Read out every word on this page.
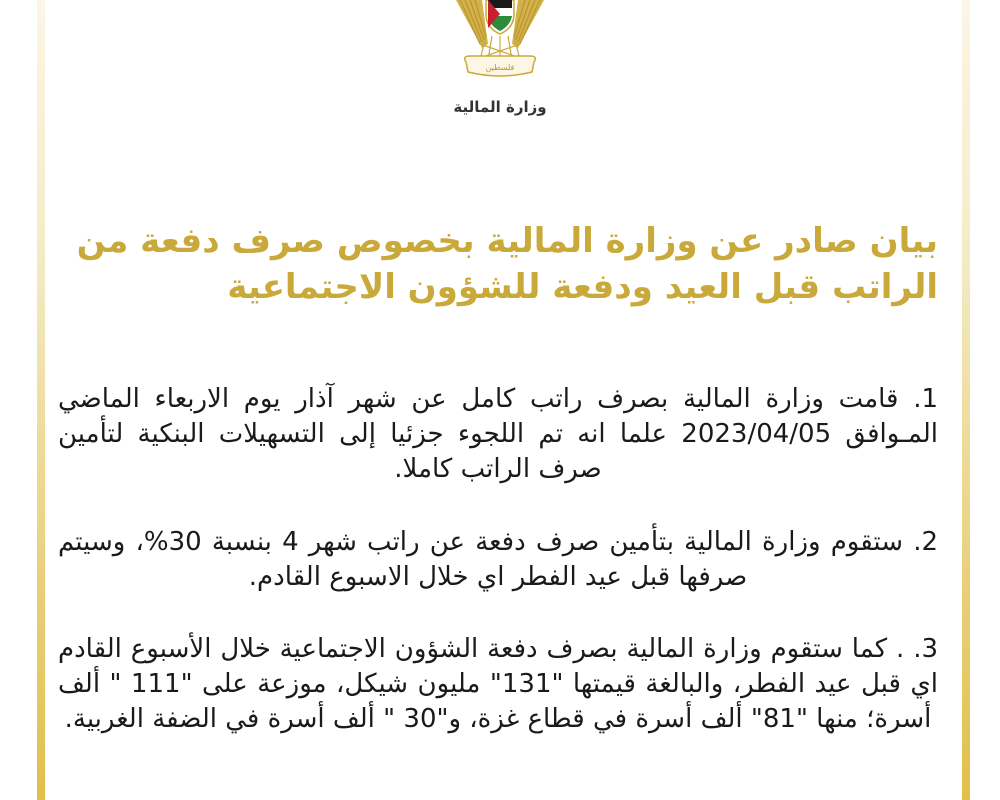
فلسطين
وزارة المالية
بيان صادر عن وزارة المالية بخصوص صرف دفعة من الراتب قبل العيد ودفعة للشؤون الاجتماعية

1. قامت وزارة المالية بصرف راتب كامل عن شهر آذار يوم الاربعاء الماضي المـوافق 2023/04/05 علما انه تم اللجوء جزئيا إلى التسهيلات البنكية لتأمين صرف الراتب كاملا.

2. ستقوم وزارة المالية بتأمين صرف دفعة عن راتب شهر 4 بنسبة 30%، وسيتم صرفها قبل عيد الفطر اي خلال الاسبوع القادم.

3. . كما ستقوم وزارة المالية بصرف دفعة الشؤون الاجتماعية خلال الأسبوع القادم اي قبل عيد الفطر، والبالغة قيمتها "131" مليون شيكل، موزعة على "111 " ألف أسرة؛ منها "81" ألف أسرة في قطاع غزة، و"30 " ألف أسرة في الضفة الغربية.
